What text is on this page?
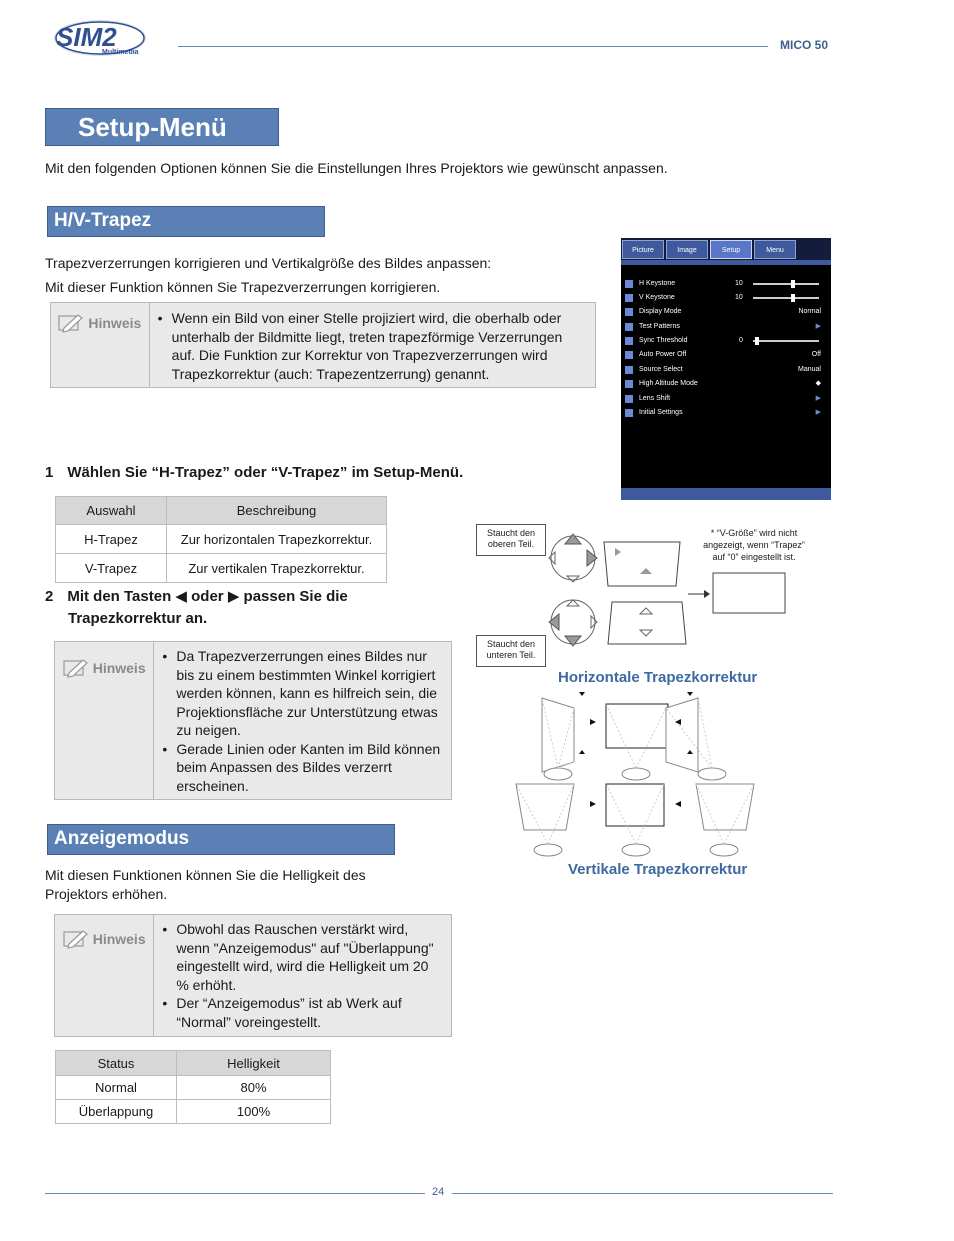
SIM2
Multimedia
MICO 50
Setup-Menü
Mit den folgenden Optionen können Sie die Einstellungen Ihres Projektors wie gewünscht anpassen.
H/V-Trapez
Trapezverzerrungen korrigieren und Vertikalgröße des Bildes anpassen:
Mit dieser Funktion können Sie Trapezverzerrungen korrigieren.
Hinweis	• Wenn ein Bild von einer Stelle projiziert wird, die oberhalb oder unterhalb der Bildmitte liegt, treten trapezförmige Verzerrungen auf. Die Funktion zur Korrektur von Trapezverzerrungen wird Trapezkorrektur (auch: Trapezentzerrung) genannt.
Picture	Image	Setup	Menu
H Keystone	10
V Keystone	10
Display Mode	Normal
Test Patterns	▶
Sync Threshold	0
Auto Power Off	Off
Source Select	Manual
High Altitude Mode	◆
Lens Shift	▶
Initial Settings	▶
1 Wählen Sie “H-Trapez” oder “V-Trapez” im Setup-Menü.
Auswahl	Beschreibung
H-Trapez	Zur horizontalen Trapezkorrektur.
V-Trapez	Zur vertikalen Trapezkorrektur.
2 Mit den Tasten ◀ oder ▶ passen Sie die
Trapezkorrektur an.
Hinweis
• Da Trapezverzerrungen eines Bildes nur bis zu einem bestimmten Winkel korrigiert werden können, kann es hilfreich sein, die Projektionsfläche zur Unterstützung etwas zu neigen.
• Gerade Linien oder Kanten im Bild können beim Anpassen des Bildes verzerrt erscheinen.
Staucht den oberen Teil.
Staucht den unteren Teil.
* “V-Größe” wird nicht
angezeigt, wenn “Trapez”
auf “0” eingestellt ist.
Horizontale Trapezkorrektur
Vertikale Trapezkorrektur
Anzeigemodus
Mit diesen Funktionen können Sie die Helligkeit des Projektors erhöhen.
Hinweis
• Obwohl das Rauschen verstärkt wird, wenn "Anzeigemodus" auf "Überlappung" eingestellt wird, wird die Helligkeit um 20 % erhöht.
• Der “Anzeigemodus” ist ab Werk auf “Normal” voreingestellt.
Status	Helligkeit
Normal	80%
Überlappung	100%
24
